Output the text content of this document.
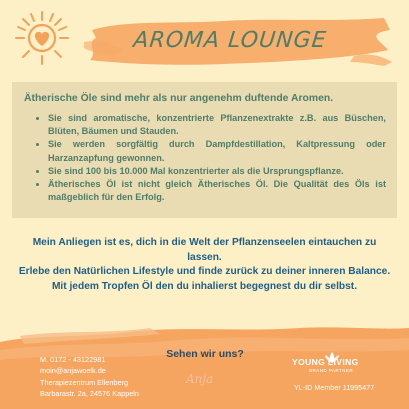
AROMA LOUNGE
Ätherische Öle sind mehr als nur angenehm duftende Aromen.
• Sie sind aromatische, konzentrierte Pflanzenextrakte z.B. aus Büschen, Blüten, Bäumen und Stauden.
• Sie werden sorgfältig durch Dampfdestillation, Kaltpressung oder Harzanzapfung gewonnen.
• Sie sind 100 bis 10.000 Mal konzentrierter als die Ursprungspflanze.
• Ätherisches Öl ist nicht gleich Ätherisches Öl. Die Qualität des Öls ist maßgeblich für den Erfolg.

Mein Anliegen ist es, dich in die Welt der Pflanzenseelen eintauchen zu lassen.

Erlebe den Natürlichen Lifestyle und finde zurück zu deiner inneren Balance.

Mit jedem Tropfen Öl den du inhalierst begegnest du dir selbst.

Sehen wir uns?
Anja
M. 0172 - 43122981
moin@anjawoelk.de
Therapiezentrum Ellenberg
Barbarastr. 2a, 24576 Kappeln
YOUNG LIVING
BRAND PARTNER
YL-ID Member 11995477
